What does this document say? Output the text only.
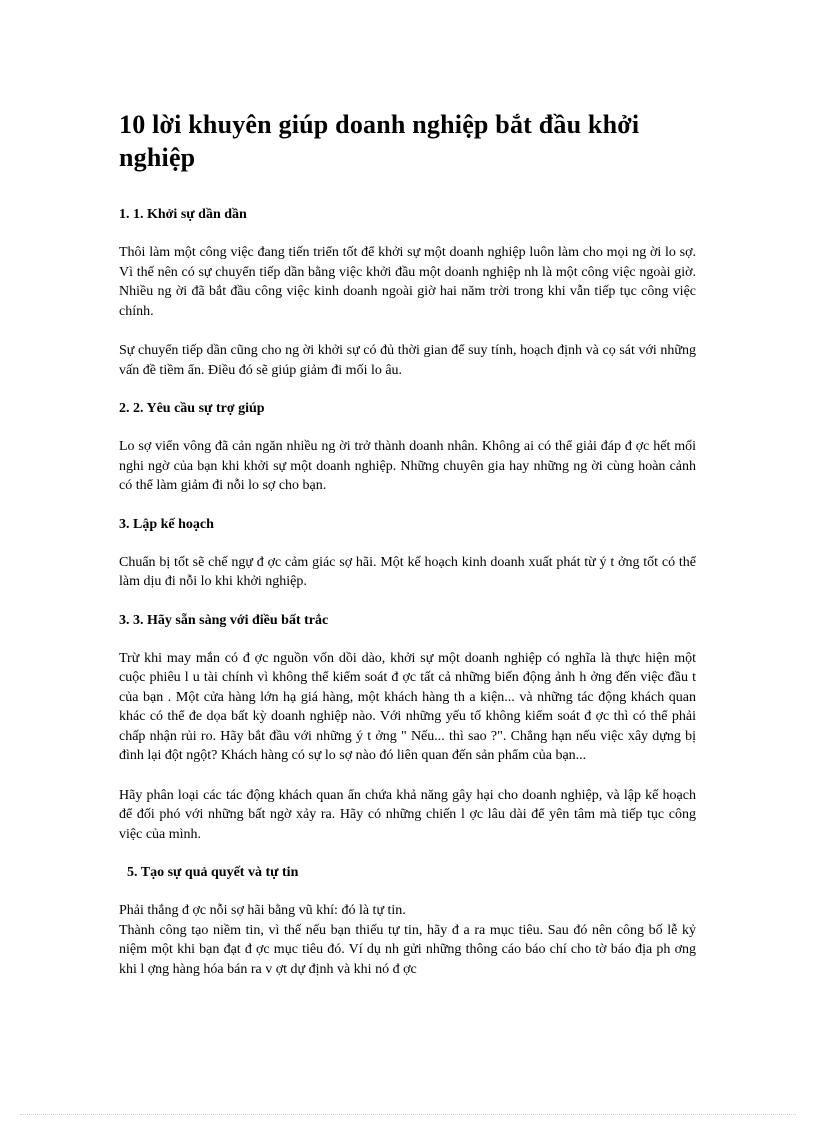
10 lời khuyên giúp doanh nghiệp bắt đầu khởi nghiệp
1. 1. Khởi sự dần dần

Thôi làm một công việc đang tiến triển tốt để khởi sự một doanh nghiệp luôn làm cho mọi ng ời lo sợ. Vì thế nên có sự chuyển tiếp dần bằng việc khởi đầu một doanh nghiệp nh là một công việc ngoài giờ. Nhiều ng ời đã bắt đầu công việc kinh doanh ngoài giờ hai năm trời trong khi vẫn tiếp tục công việc chính.

Sự chuyển tiếp dần cũng cho ng ời khởi sự có đủ thời gian để suy tính, hoạch định và cọ sát với những vấn đề tiềm ẩn. Điều đó sẽ giúp giảm đi mối lo âu.

2. 2. Yêu cầu sự trợ giúp

Lo sợ viển vông đã cản ngăn nhiều ng ời trở thành doanh nhân. Không ai có thể giải đáp đ ợc hết mối nghi ngờ của bạn khi khởi sự một doanh nghiệp. Những chuyên gia hay những ng ời cùng hoàn cảnh có thể làm giảm đi nỗi lo sợ cho bạn.

3. Lập kế hoạch

Chuẩn bị tốt sẽ chế ngự đ ợc cảm giác sợ hãi. Một kế hoạch kinh doanh xuất phát từ ý t ởng tốt có thể làm dịu đi nỗi lo khi khởi nghiệp.

3. 3. Hãy sẵn sàng với điều bất trắc

Trừ khi may mắn có đ ợc nguồn vốn dồi dào, khởi sự một doanh nghiệp có nghĩa là thực hiện một cuộc phiêu l u tài chính vì không thể kiểm soát đ ợc tất cả những biến động ảnh h ởng đến việc đầu t của bạn . Một cửa hàng lớn hạ giá hàng, một khách hàng th a kiện... và những tác động khách quan khác có thể đe dọa bất kỳ doanh nghiệp nào. Với những yếu tố không kiểm soát đ ợc thì có thể phải chấp nhận rủi ro. Hãy bắt đầu với những ý t ởng " Nếu... thì sao ?". Chẳng hạn nếu việc xây dựng bị đình lại đột ngột? Khách hàng có sự lo sợ nào đó liên quan đến sản phẩm của bạn...

Hãy phân loại các tác động khách quan ẩn chứa khả năng gây hại cho doanh nghiệp, và lập kế hoạch để đối phó với những bất ngờ xảy ra. Hãy có những chiến l ợc lâu dài để yên tâm mà tiếp tục công việc của mình.

5. Tạo sự quả quyết và tự tin

Phải thắng đ ợc nỗi sợ hãi bằng vũ khí: đó là tự tin.

Thành công tạo niềm tin, vì thế nếu bạn thiếu tự tin, hãy đ a ra mục tiêu. Sau đó nên công bố lễ kỷ niệm một khi bạn đạt đ ợc mục tiêu đó. Ví dụ nh gửi những thông cáo báo chí cho tờ báo địa ph ơng khi l ợng hàng hóa bán ra v ợt dự định và khi nó đ ợc
